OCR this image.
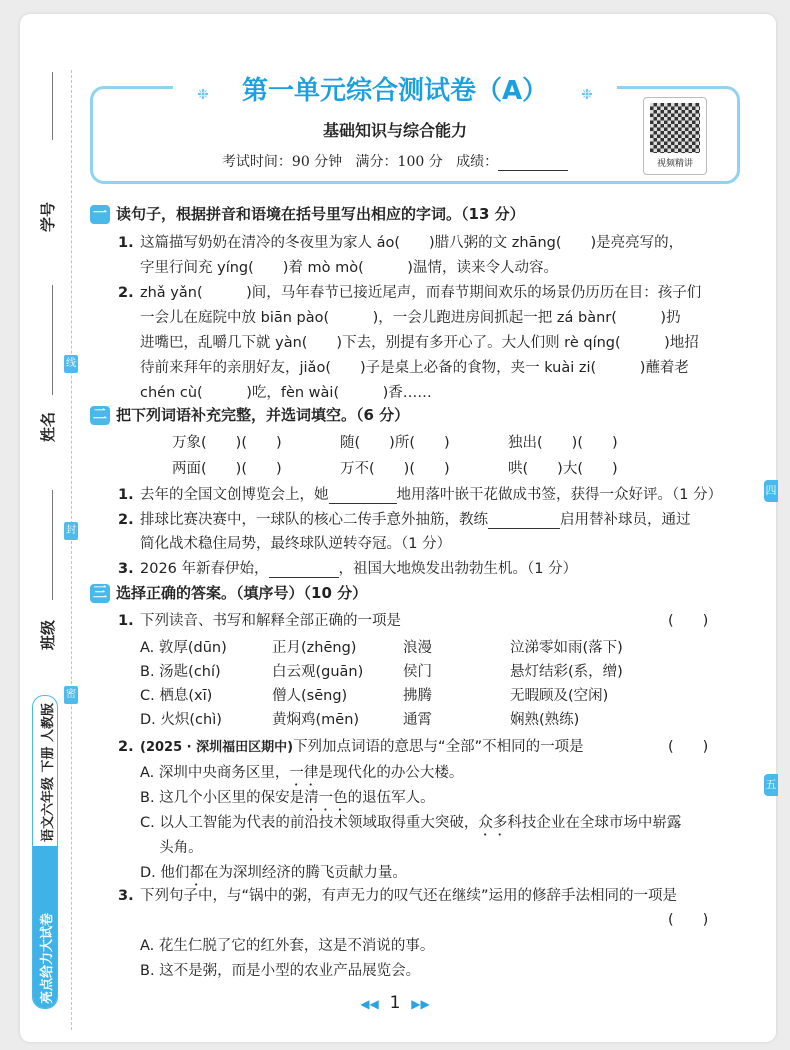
线
封
密
学号
姓名
班级
亮点给力大试卷
语文六年级 下册 人教版
四
五
❉ 第一单元综合测试卷（A） ❉
基础知识与综合能力
考试时间：90 分钟 满分：100 分 成绩：	视频精讲
一 读句子，根据拼音和语境在括号里写出相应的字词。（13 分）
1. 这篇描写奶奶在清冷的冬夜里为家人 áo(　　)腊八粥的文 zhāng(　　)是亮亮写的，
字里行间充 yíng(　　)着 mò mò(　　　)温情，读来令人动容。
2. zhǎ yǎn(　　　)间，马年春节已接近尾声，而春节期间欢乐的场景仍历历在目：孩子们
一会儿在庭院中放 biān pào(　　　)，一会儿跑进房间抓起一把 zá bànr(　　　)扔
进嘴巴，乱嚼几下就 yàn(　　)下去，别提有多开心了。大人们则 rè qíng(　　　)地招
待前来拜年的亲朋好友，jiǎo(　　)子是桌上必备的食物，夹一 kuài zi(　　　)蘸着老
chén cù(　　　)吃，fèn wài(　　　)香……
二 把下列词语补充完整，并选词填空。（6 分）
万象(　　)(　　)	随(　　)所(　　)	独出(　　)(　　)
两面(　　)(　　)	万不(　　)(　　)	哄(　　)大(　　)
1. 去年的全国文创博览会上，她	地用落叶嵌干花做成书签，获得一众好评。（1 分）
2. 排球比赛决赛中，一球队的核心二传手意外抽筋，教练	启用替补球员，通过
简化战术稳住局势，最终球队逆转夺冠。（1 分）
3. 2026 年新春伊始，	，祖国大地焕发出勃勃生机。（1 分）
三 选择正确的答案。（填序号）（10 分）
1. 下列读音、书写和解释全部正确的一项是	(　　)
A. 敦厚(dūn)	正月(zhēng)	浪漫	泣涕零如雨(落下)
B. 汤匙(chí)	白云观(guān)	侯门	悬灯结彩(系，缯)
C. 栖息(xī)	僧人(sēng)	拂腾	无暇顾及(空闲)
D. 火炽(chì)	黄焖鸡(mēn)	通霄	娴熟(熟练)
2. (2025 · 深圳福田区期中)下列加点词语的意思与“全部”不相同的一项是	(　　)
A. 深圳中央商务区里，一律是现代化的办公大楼。
B. 这几个小区里的保安是清一色的退伍军人。
C. 以人工智能为代表的前沿技术领域取得重大突破，众多科技企业在全球市场中崭露
　 头角。
D. 他们都在为深圳经济的腾飞贡献力量。
3. 下列句子中，与“锅中的粥，有声无力的叹气还在继续”运用的修辞手法相同的一项是
(　　)
A. 花生仁脱了它的红外套，这是不消说的事。
B. 这不是粥，而是小型的农业产品展览会。
◀◀ 1 ▶▶
